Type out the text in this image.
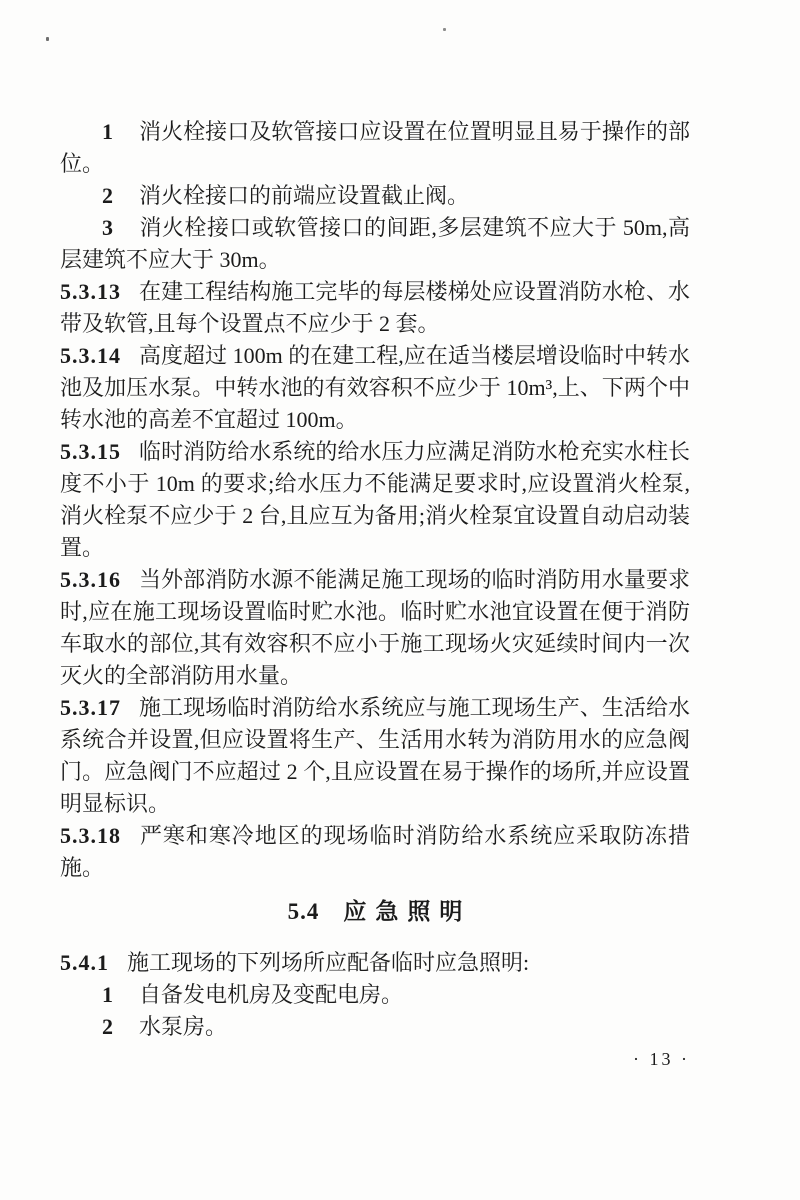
1 消火栓接口及软管接口应设置在位置明显且易于操作的部位。

2 消火栓接口的前端应设置截止阀。

3 消火栓接口或软管接口的间距,多层建筑不应大于 50m,高层建筑不应大于 30m。

5.3.13 在建工程结构施工完毕的每层楼梯处应设置消防水枪、水带及软管,且每个设置点不应少于 2 套。

5.3.14 高度超过 100m 的在建工程,应在适当楼层增设临时中转水池及加压水泵。中转水池的有效容积不应少于 10m³,上、下两个中转水池的高差不宜超过 100m。

5.3.15 临时消防给水系统的给水压力应满足消防水枪充实水柱长度不小于 10m 的要求;给水压力不能满足要求时,应设置消火栓泵,消火栓泵不应少于 2 台,且应互为备用;消火栓泵宜设置自动启动装置。

5.3.16 当外部消防水源不能满足施工现场的临时消防用水量要求时,应在施工现场设置临时贮水池。临时贮水池宜设置在便于消防车取水的部位,其有效容积不应小于施工现场火灾延续时间内一次灭火的全部消防用水量。

5.3.17 施工现场临时消防给水系统应与施工现场生产、生活给水系统合并设置,但应设置将生产、生活用水转为消防用水的应急阀门。应急阀门不应超过 2 个,且应设置在易于操作的场所,并应设置明显标识。

5.3.18 严寒和寒冷地区的现场临时消防给水系统应采取防冻措施。

5.4 应急照明

5.4.1 施工现场的下列场所应配备临时应急照明:

1 自备发电机房及变配电房。

2 水泵房。

· 13 ·
